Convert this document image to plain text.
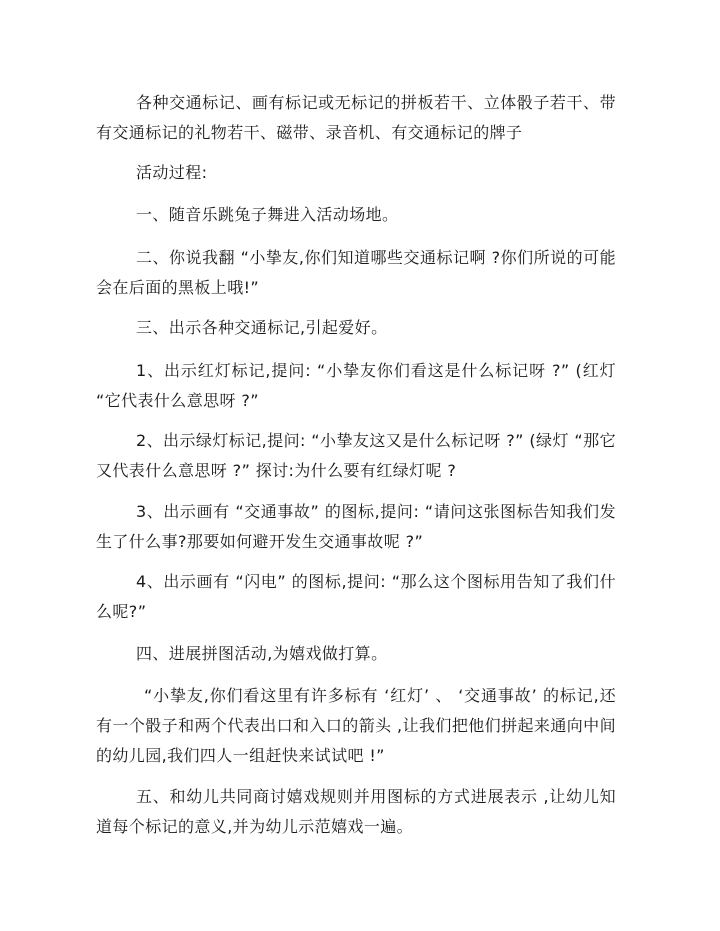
各种交通标记、画有标记或无标记的拼板若干、立体骰子若干、带有交通标记的礼物若干、磁带、录音机、有交通标记的牌子

活动过程:

一、随音乐跳兔子舞进入活动场地。

二、你说我翻 “小挚友,你们知道哪些交通标记啊 ?你们所说的可能会在后面的黑板上哦!”

三、出示各种交通标记,引起爱好。

1、出示红灯标记,提问: “小挚友你们看这是什么标记呀 ?” (红灯 “它代表什么意思呀 ?”

2、出示绿灯标记,提问: “小挚友这又是什么标记呀 ?” (绿灯 “那它又代表什么意思呀 ?” 探讨:为什么要有红绿灯呢 ?

3、出示画有 “交通事故” 的图标,提问: “请问这张图标告知我们发生了什么事?那要如何避开发生交通事故呢 ?”

4、出示画有 “闪电” 的图标,提问: “那么这个图标用告知了我们什么呢?”

四、进展拼图活动,为嬉戏做打算。

“小挚友,你们看这里有许多标有 ‘红灯’ 、 ‘交通事故’ 的标记,还有一个骰子和两个代表出口和入口的箭头 ,让我们把他们拼起来通向中间的幼儿园,我们四人一组赶快来试试吧 !”

五、和幼儿共同商讨嬉戏规则并用图标的方式进展表示 ,让幼儿知道每个标记的意义,并为幼儿示范嬉戏一遍。
